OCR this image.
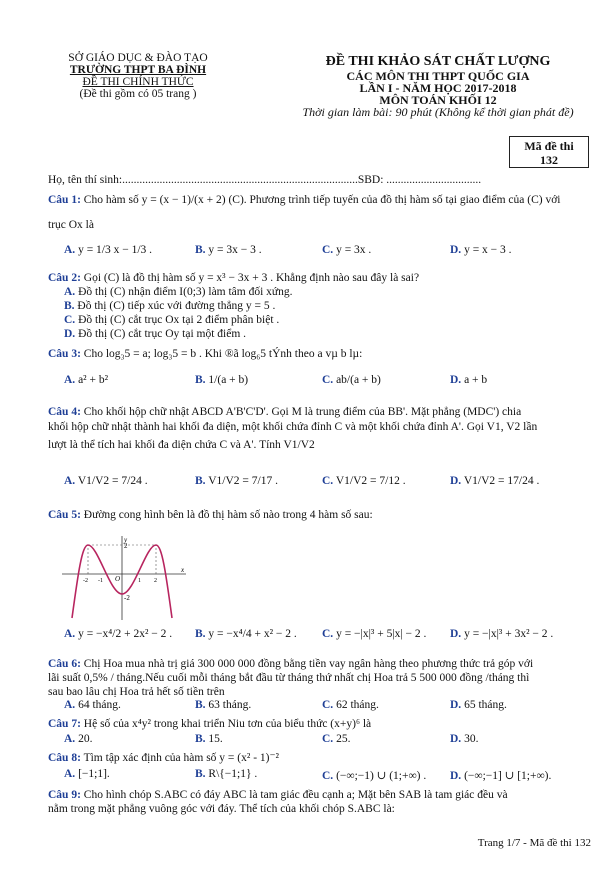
SỞ GIÁO DỤC & ĐÀO TẠO
TRƯỜNG THPT BA ĐÌNH
ĐỀ THI CHÍNH THỨC
(Đề thi gồm có 05 trang )
ĐỀ THI KHẢO SÁT CHẤT LƯỢNG
CÁC MÔN THI THPT QUỐC GIA
LẦN I - NĂM HỌC 2017-2018
MÔN TOÁN KHỐI 12
Thời gian làm bài: 90 phút (Không kể thời gian phát đề)
Mã đề thi
132
Họ, tên thí sinh:..................................................................................SBD: .................................
Câu 1: Cho hàm số y = (x − 1)/(x + 2) (C). Phương trình tiếp tuyến của đồ thị hàm số tại giao điểm của (C) với
trục Ox là
A. y = 1/3 x − 1/3 .	B. y = 3x − 3 .	C. y = 3x .	D. y = x − 3 .
Câu 2: Gọi (C) là đồ thị hàm số y = x³ − 3x + 3 . Khẳng định nào sau đây là sai?
A. Đồ thị (C) nhận điểm I(0;3) làm tâm đối xứng.
B. Đồ thị (C) tiếp xúc với đường thẳng y = 5 .
C. Đồ thị (C) cắt trục Ox tại 2 điểm phân biệt .
D. Đồ thị (C) cắt trục Oy tại một điểm .
Câu 3: Cho log₃5 = a; log₃5 = b . Khi ®ã log₆5 tÝnh theo a vµ b lµ:
A. a² + b²	B. 1/(a + b)	C. ab/(a + b)	D. a + b
Câu 4: Cho khối hộp chữ nhật ABCD A'B'C'D'. Gọi M là trung điểm của BB'. Mặt phẳng (MDC') chia
khối hộp chữ nhật thành hai khối đa diện, một khối chứa đỉnh C và một khối chứa đỉnh A'. Gọi V1, V2 lần
lượt là thể tích hai khối đa diện chứa C và A'. Tính V1/V2
A. V1/V2 = 7/24 .	B. V1/V2 = 7/17 .	C. V1/V2 = 7/12 .	D. V1/V2 = 17/24 .
Câu 5: Đường cong hình bên là đồ thị hàm số nào trong 4 hàm số sau:
y
x
O
2
-2
-2 -1	1 2
A. y = −x⁴/2 + 2x² − 2 . B. y = −x⁴/4 + x² − 2 . C. y = −|x|³ + 5|x| − 2 . D. y = −|x|³ + 3x² − 2 .
Câu 6: Chị Hoa mua nhà trị giá 300 000 000 đồng bằng tiền vay ngân hàng theo phương thức trả góp với
lãi suất 0,5% / tháng.Nếu cuối mỗi tháng bắt đầu từ tháng thứ nhất chị Hoa trả 5 500 000 đồng /tháng thì
sau bao lâu chị Hoa trả hết số tiền trên
A. 64 tháng.	B. 63 tháng.	C. 62 tháng.	D. 65 tháng.
Câu 7: Hệ số của x⁴y² trong khai triển Niu tơn của biểu thức (x+y)⁶ là
A. 20.	B. 15.	C. 25.	D. 30.
Câu 8: Tìm tập xác định của hàm số y = (x² - 1)⁻²
A. [−1;1].	B. R\{−1;1} .	C. (−∞;−1) ∪ (1;+∞) . D. (−∞;−1] ∪ [1;+∞).
Câu 9: Cho hình chóp S.ABC có đáy ABC là tam giác đều cạnh a; Mặt bên SAB là tam giác đều và
nằm trong mặt phẳng vuông góc với đáy. Thể tích của khối chóp S.ABC là:
Trang 1/7 - Mã đề thi 132
